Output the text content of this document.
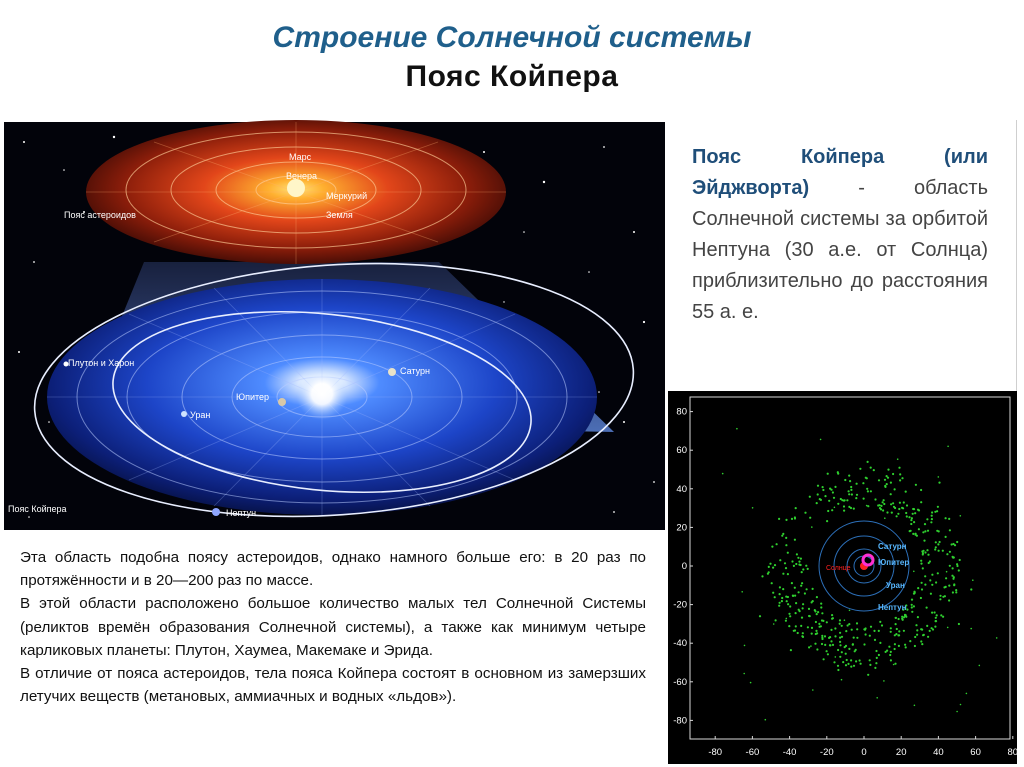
Строение Солнечной системы
Пояс Койпера
Марс
Венера
Меркурий
Земля
Пояс астероидов
Плутон и Харон
Сатурн
Юпитер
Уран
Пояс Койпера	Нептун
Пояс Койпера (или Эйджворта) - область Солнечной системы за орбитой Нептуна (30 а.е. от Солнца) приблизительно до расстояния 55 а. е.

Эта область подобна поясу астероидов, однако намного больше его: в 20 раз по протяжённости и в 20—200 раз по массе.

В этой области расположено большое количество малых тел Солнечной Системы (реликтов времён образования Солнечной системы), а также как минимум четыре карликовых планеты: Плутон, Хаумеа, Макемаке и Эрида.

В отличие от пояса астероидов, тела пояса Койпера состоят в основном из замерзших летучих веществ (метановых, аммиачных и водных «льдов»).

-80 -60 -40 -20	0	20	40	60	80
80
60
40
20
0
-20
-40
-60
-80
Сатурн
Юпитер
Уран
Нептун
Солнце
